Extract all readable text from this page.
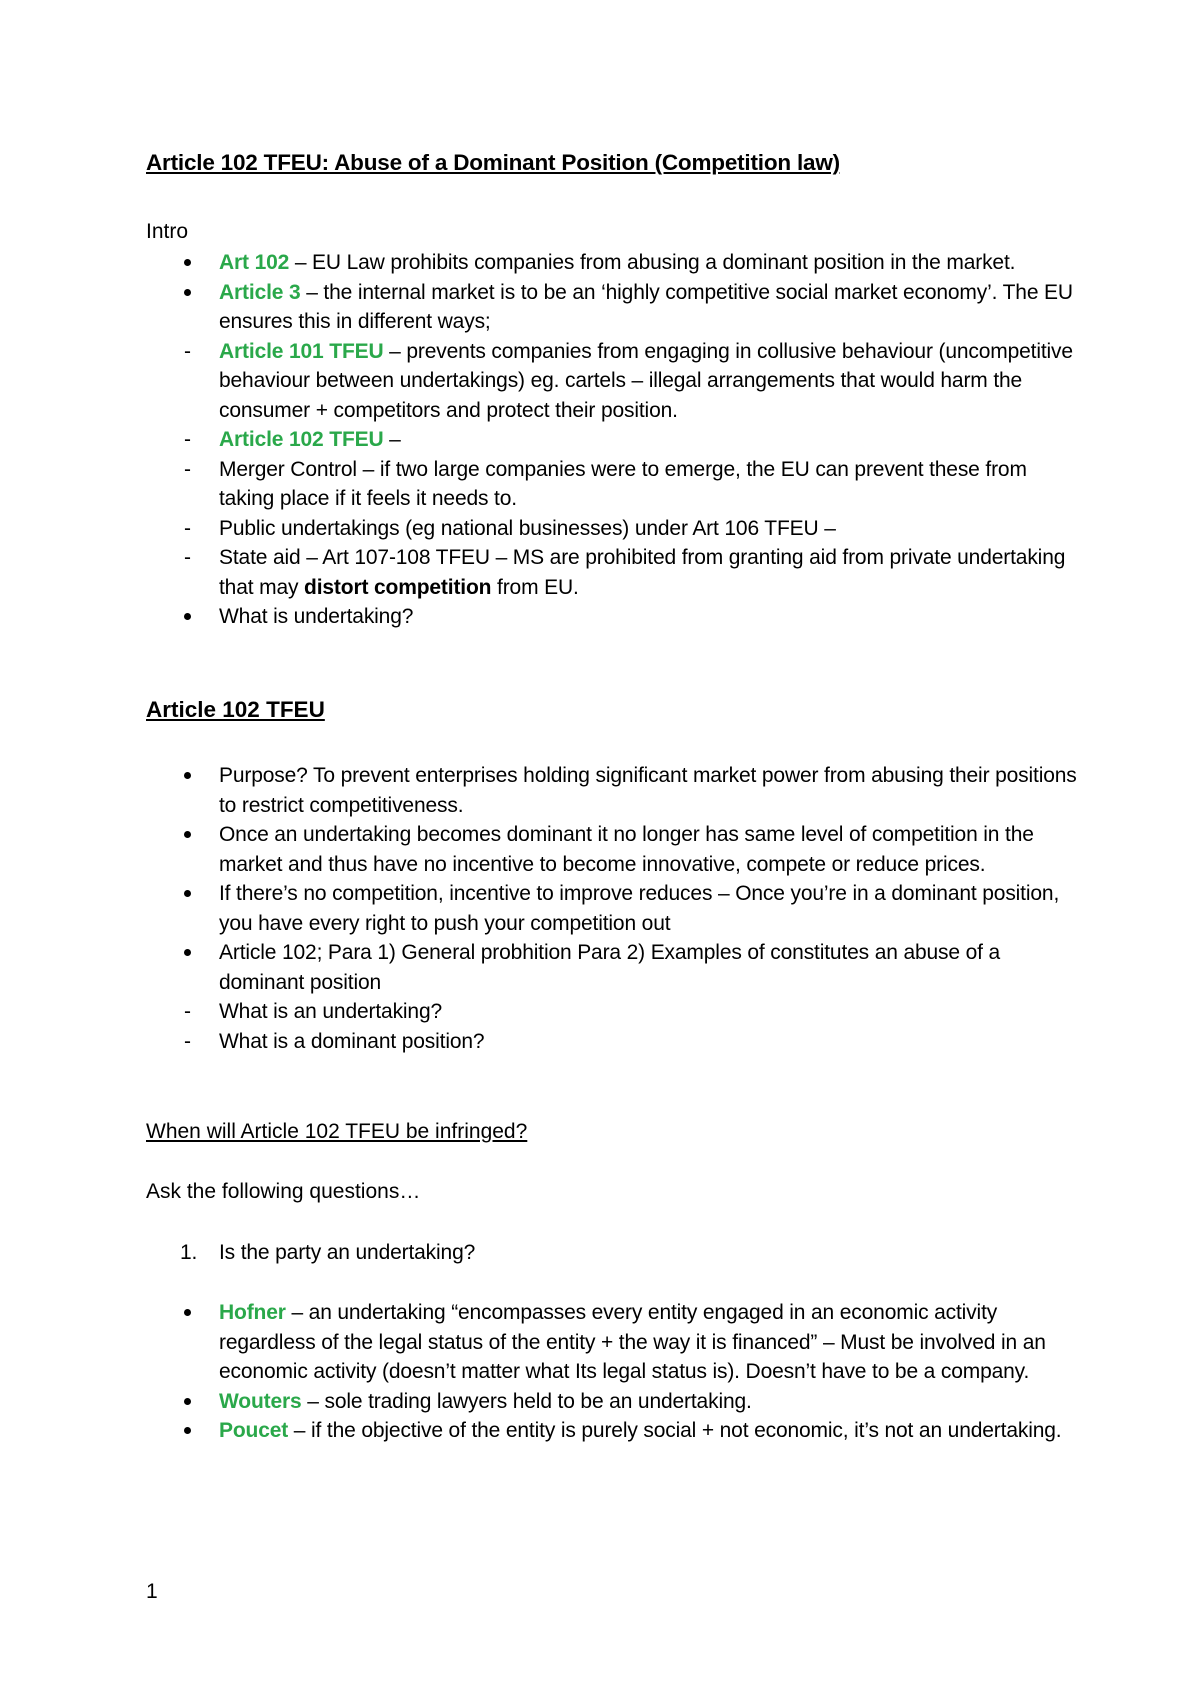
Article 102 TFEU: Abuse of a Dominant Position (Competition law)

Intro

Art 102 – EU Law prohibits companies from abusing a dominant position in the market.
Article 3 – the internal market is to be an ‘highly competitive social market economy’. The EU ensures this in different ways;
-	Article 101 TFEU – prevents companies from engaging in collusive behaviour (uncompetitive behaviour between undertakings) eg. cartels – illegal arrangements that would harm the consumer + competitors and protect their position.
-	Article 102 TFEU –
-	Merger Control – if two large companies were to emerge, the EU can prevent these from taking place if it feels it needs to.
-	Public undertakings (eg national businesses) under Art 106 TFEU –
-	State aid – Art 107-108 TFEU – MS are prohibited from granting aid from private undertaking that may distort competition from EU.
What is undertaking?
Article 102 TFEU
Purpose? To prevent enterprises holding significant market power from abusing their positions to restrict competitiveness.
Once an undertaking becomes dominant it no longer has same level of competition in the market and thus have no incentive to become innovative, compete or reduce prices.
If there’s no competition, incentive to improve reduces – Once you’re in a dominant position, you have every right to push your competition out
Article 102; Para 1) General probhition Para 2) Examples of constitutes an abuse of a dominant position
-	What is an undertaking?
-	What is a dominant position?

When will Article 102 TFEU be infringed?

Ask the following questions…

1.	Is the party an undertaking?
Hofner – an undertaking “encompasses every entity engaged in an economic activity regardless of the legal status of the entity + the way it is financed” – Must be involved in an economic activity (doesn’t matter what Its legal status is). Doesn’t have to be a company.
Wouters – sole trading lawyers held to be an undertaking.
Poucet – if the objective of the entity is purely social + not economic, it’s not an undertaking.

1
